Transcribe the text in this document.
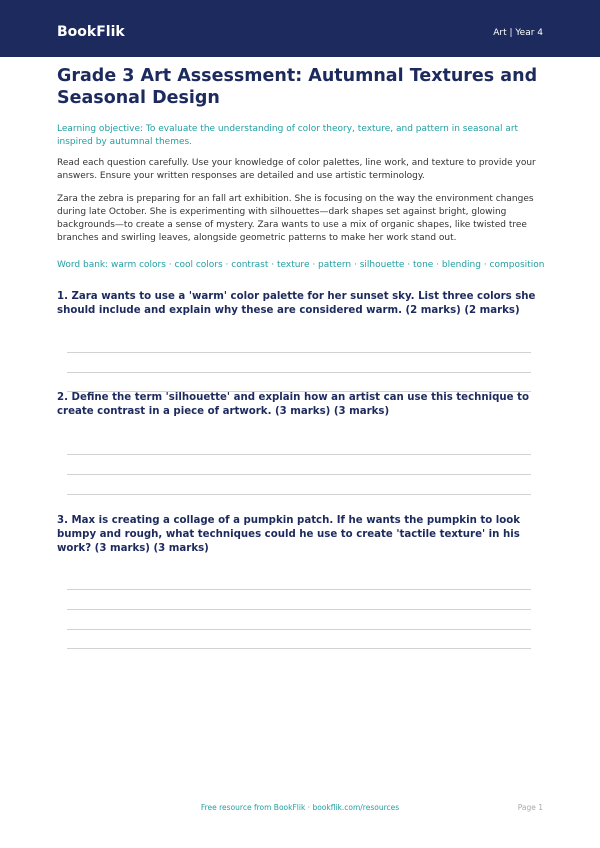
BookFlik	Art | Year 4
Grade 3 Art Assessment: Autumnal Textures and Seasonal Design
Learning objective: To evaluate the understanding of color theory, texture, and pattern in seasonal art inspired by autumnal themes.
Read each question carefully. Use your knowledge of color palettes, line work, and texture to provide your answers. Ensure your written responses are detailed and use artistic terminology.
Zara the zebra is preparing for an fall art exhibition. She is focusing on the way the environment changes during late October. She is experimenting with silhouettes—dark shapes set against bright, glowing backgrounds—to create a sense of mystery. Zara wants to use a mix of organic shapes, like twisted tree branches and swirling leaves, alongside geometric patterns to make her work stand out.
Word bank: warm colors · cool colors · contrast · texture · pattern · silhouette · tone · blending · composition
1. Zara wants to use a 'warm' color palette for her sunset sky. List three colors she should include and explain why these are considered warm. (2 marks) (2 marks)
2. Define the term 'silhouette' and explain how an artist can use this technique to create contrast in a piece of artwork. (3 marks) (3 marks)
3. Max is creating a collage of a pumpkin patch. If he wants the pumpkin to look bumpy and rough, what techniques could he use to create 'tactile texture' in his work? (3 marks) (3 marks)
Free resource from BookFlik · bookflik.com/resources	Page 1
